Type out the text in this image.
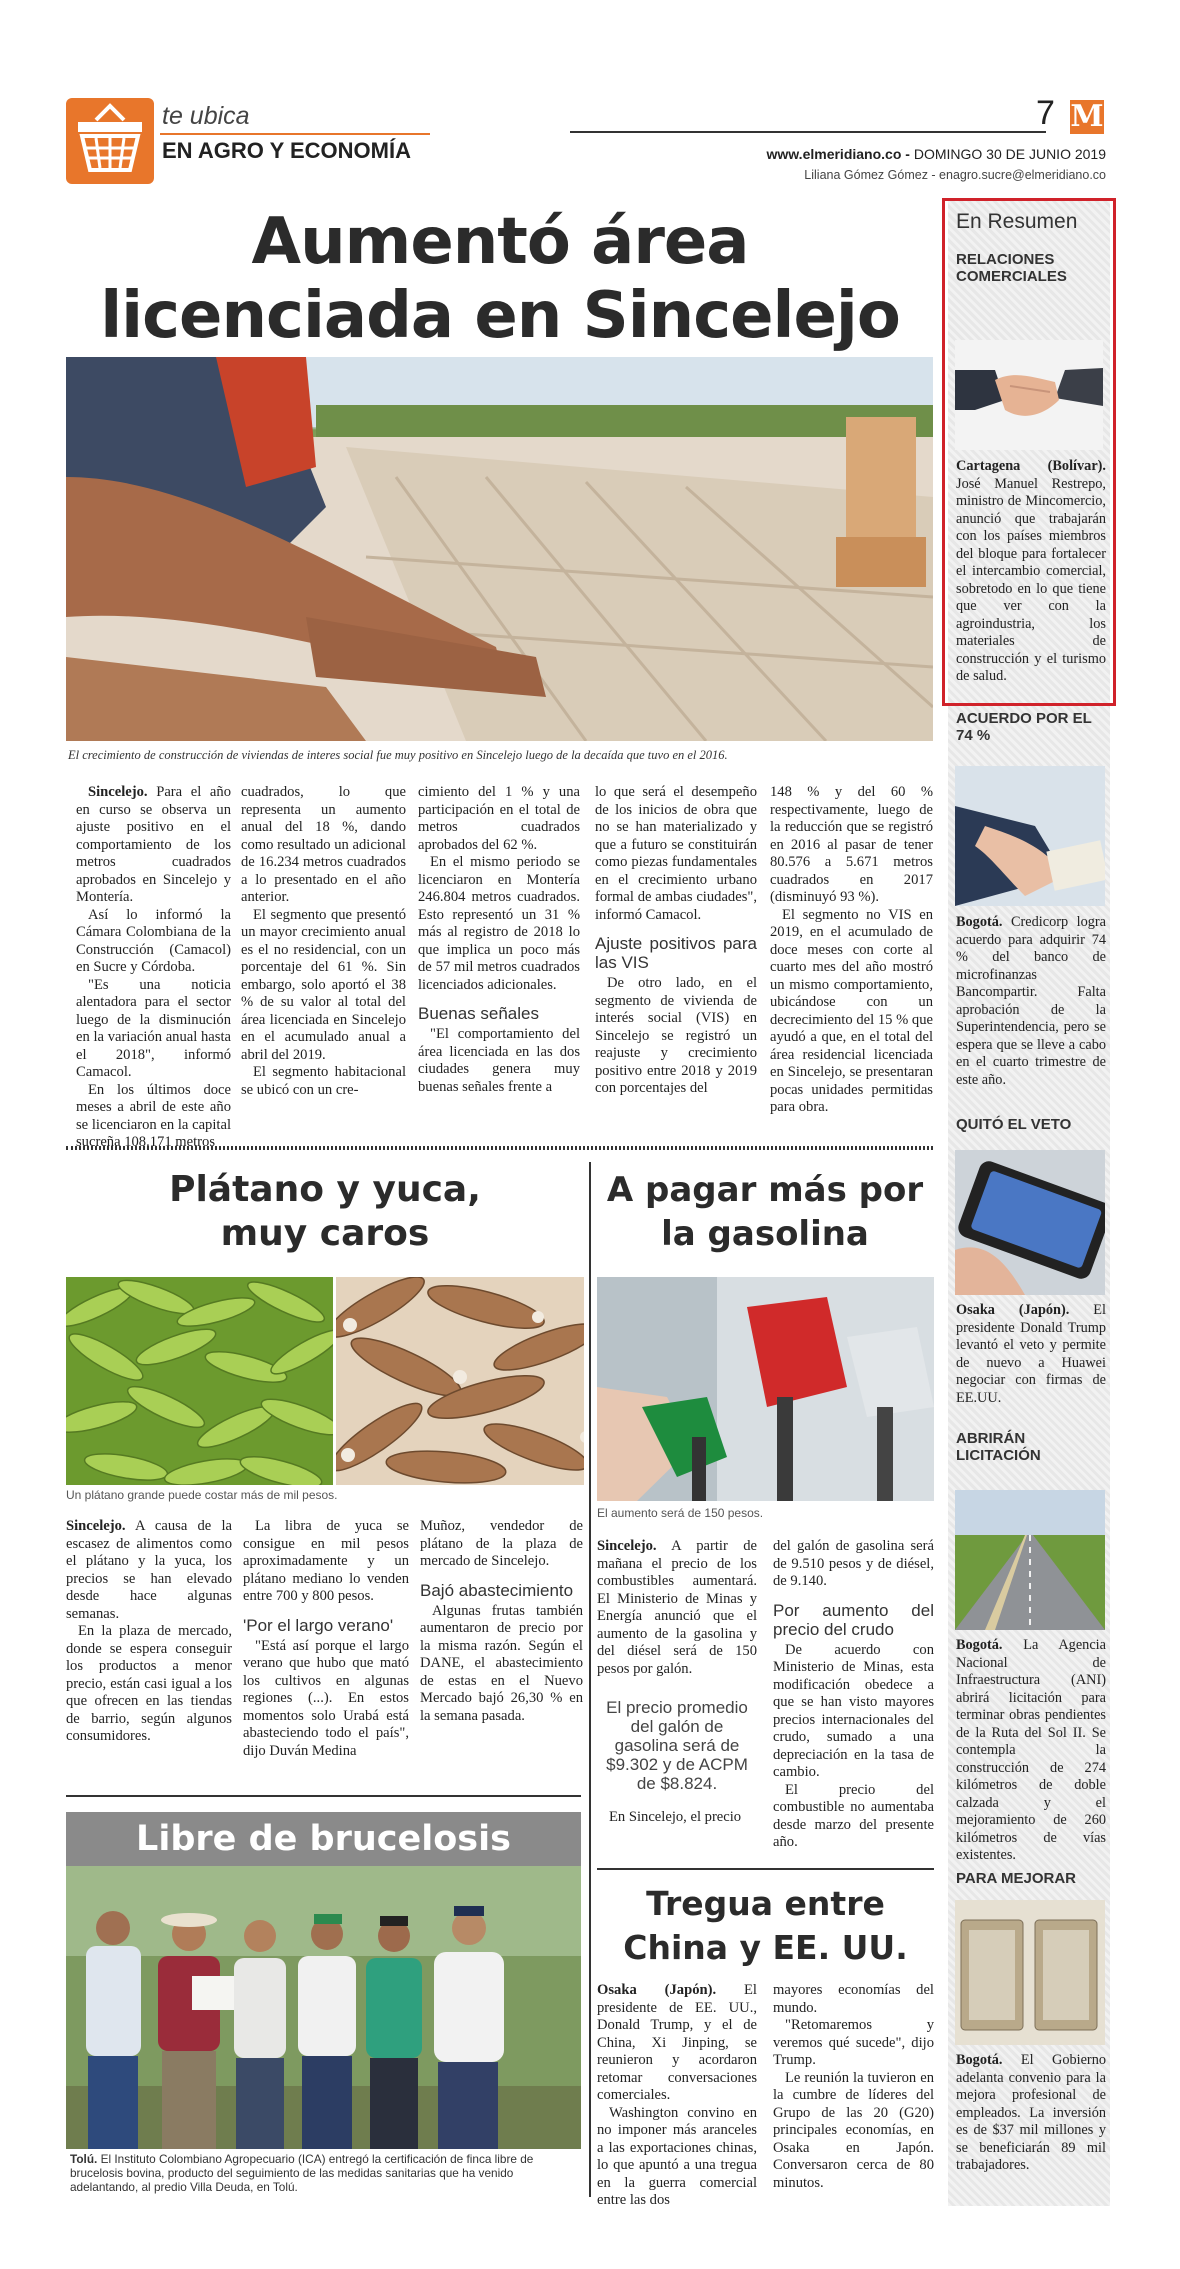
te ubica
EN AGRO Y ECONOMÍA
7 M
www.elmeridiano.co - DOMINGO 30 DE JUNIO 2019
Liliana Gómez Gómez - enagro.sucre@elmeridiano.co
Aumentó área
licenciada en Sincelejo
El crecimiento de construcción de viviendas de interes social fue muy positivo en Sincelejo luego de la decaída que tuvo en el 2016.

Sincelejo. Para el año en curso se observa un ajuste positivo en el comportamiento de los metros cuadrados aprobados en Sincelejo y Montería.

Así lo informó la Cámara Colombiana de la Construcción (Camacol) en Sucre y Córdoba.

"Es una noticia alentadora para el sector luego de la disminución en la variación anual hasta el 2018", informó Camacol.

En los últimos doce meses a abril de este año se licenciaron en la capital sucreña 108.171 metros

cuadrados, lo que representa un aumento anual del 18 %, dando como resultado un adicional de 16.234 metros cuadrados a lo presentado en el año anterior.

El segmento que presentó un mayor crecimiento anual es el no residencial, con un porcentaje del 61 %. Sin embargo, solo aportó el 38 % de su valor al total del área licenciada en Sincelejo en el acumulado anual a abril del 2019.

El segmento habitacional se ubicó con un cre-

cimiento del 1 % y una participación en el total de metros cuadrados aprobados del 62 %.

En el mismo periodo se licenciaron en Montería 246.804 metros cuadrados. Esto representó un 31 % más al registro de 2018 lo que implica un poco más de 57 mil metros cuadrados licenciados adicionales.

Buenas señales

"El comportamiento del área licenciada en las dos ciudades genera muy buenas señales frente a

lo que será el desempeño de los inicios de obra que no se han materializado y que a futuro se constituirán como piezas fundamentales en el crecimiento urbano formal de ambas ciudades", informó Camacol.

Ajuste positivos para las VIS

De otro lado, en el segmento de vivienda de interés social (VIS) en Sincelejo se registró un reajuste y crecimiento positivo entre 2018 y 2019 con porcentajes del

148 % y del 60 % respectivamente, luego de la reducción que se registró en 2016 al pasar de tener 80.576 a 5.671 metros cuadrados en 2017 (disminuyó 93 %).

El segmento no VIS en 2019, en el acumulado de doce meses con corte al cuarto mes del año mostró un mismo comportamiento, ubicándose con un decrecimiento del 15 % que ayudó a que, en el total del área residencial licenciada en Sincelejo, se presentaran pocas unidades permitidas para obra.

Plátano y yuca,
muy caros
Un plátano grande puede costar más de mil pesos.

Sincelejo. A causa de la escasez de alimentos como el plátano y la yuca, los precios se han elevado desde hace algunas semanas.

En la plaza de mercado, donde se espera conseguir los productos a menor precio, están casi igual a los que ofrecen en las tiendas de barrio, según algunos consumidores.

La libra de yuca se consigue en mil pesos aproximadamente y un plátano mediano lo venden entre 700 y 800 pesos.

'Por el largo verano'

"Está así porque el largo verano que hubo que mató los cultivos en algunas regiones (...). En estos momentos solo Urabá está abasteciendo todo el país", dijo Duván Medina

Muñoz, vendedor de plátano de la plaza de mercado de Sincelejo.

Bajó abastecimiento

Algunas frutas también aumentaron de precio por la misma razón. Según el DANE, el abastecimiento de estas en el Nuevo Mercado bajó 26,30 % en la semana pasada.

A pagar más por
la gasolina
El aumento será de 150 pesos.

Sincelejo. A partir de mañana el precio de los combustibles aumentará. El Ministerio de Minas y Energía anunció que el aumento de la gasolina y del diésel será de 150 pesos por galón.

El precio promedio del galón de gasolina será de $9.302 y de ACPM de $8.824.

En Sincelejo, el precio

del galón de gasolina será de 9.510 pesos y de diésel, de 9.140.

Por aumento del precio del crudo

De acuerdo con Ministerio de Minas, esta modificación obedece a que se han visto mayores precios internacionales del crudo, sumado a una depreciación en la tasa de cambio.

El precio del combustible no aumentaba desde marzo del presente año.

Libre de brucelosis
Tolú. El Instituto Colombiano Agropecuario (ICA) entregó la certificación de finca libre de brucelosis bovina, producto del seguimiento de las medidas sanitarias que ha venido adelantando, al predio Villa Deuda, en Tolú.
Tregua entre
China y EE. UU.

Osaka (Japón). El presidente de EE. UU., Donald Trump, y el de China, Xi Jinping, se reunieron y acordaron retomar conversaciones comerciales.

Washington convino en no imponer más aranceles a las exportaciones chinas, lo que apuntó a una tregua en la guerra comercial entre las dos

mayores economías del mundo.

"Retomaremos y veremos qué sucede", dijo Trump.

Le reunión la tuvieron en la cumbre de líderes del Grupo de las 20 (G20) principales economías, en Osaka en Japón. Conversaron cerca de 80 minutos.

En Resumen
RELACIONES COMERCIALES
Cartagena (Bolívar). José Manuel Restrepo, ministro de Mincomercio, anunció que trabajarán con los países miembros del bloque para fortalecer el intercambio comercial, sobretodo en lo que tiene que ver con la agroindustria, los materiales de construcción y el turismo de salud.
ACUERDO POR EL 74 %
Bogotá. Credicorp logra acuerdo para adquirir 74 % del banco de microfinanzas Bancompartir. Falta aprobación de la Superintendencia, pero se espera que se lleve a cabo en el cuarto trimestre de este año.
QUITÓ EL VETO
Osaka (Japón). El presidente Donald Trump levantó el veto y permite de nuevo a Huawei negociar con firmas de EE.UU.
ABRIRÁN LICITACIÓN
Bogotá. La Agencia Nacional de Infraestructura (ANI) abrirá licitación para terminar obras pendientes de la Ruta del Sol II. Se contempla la construcción de 274 kilómetros de doble calzada y el mejoramiento de 260 kilómetros de vías existentes.
PARA MEJORAR
Bogotá. El Gobierno adelanta convenio para la mejora profesional de empleados. La inversión es de $37 mil millones y se beneficiarán 89 mil trabajadores.
